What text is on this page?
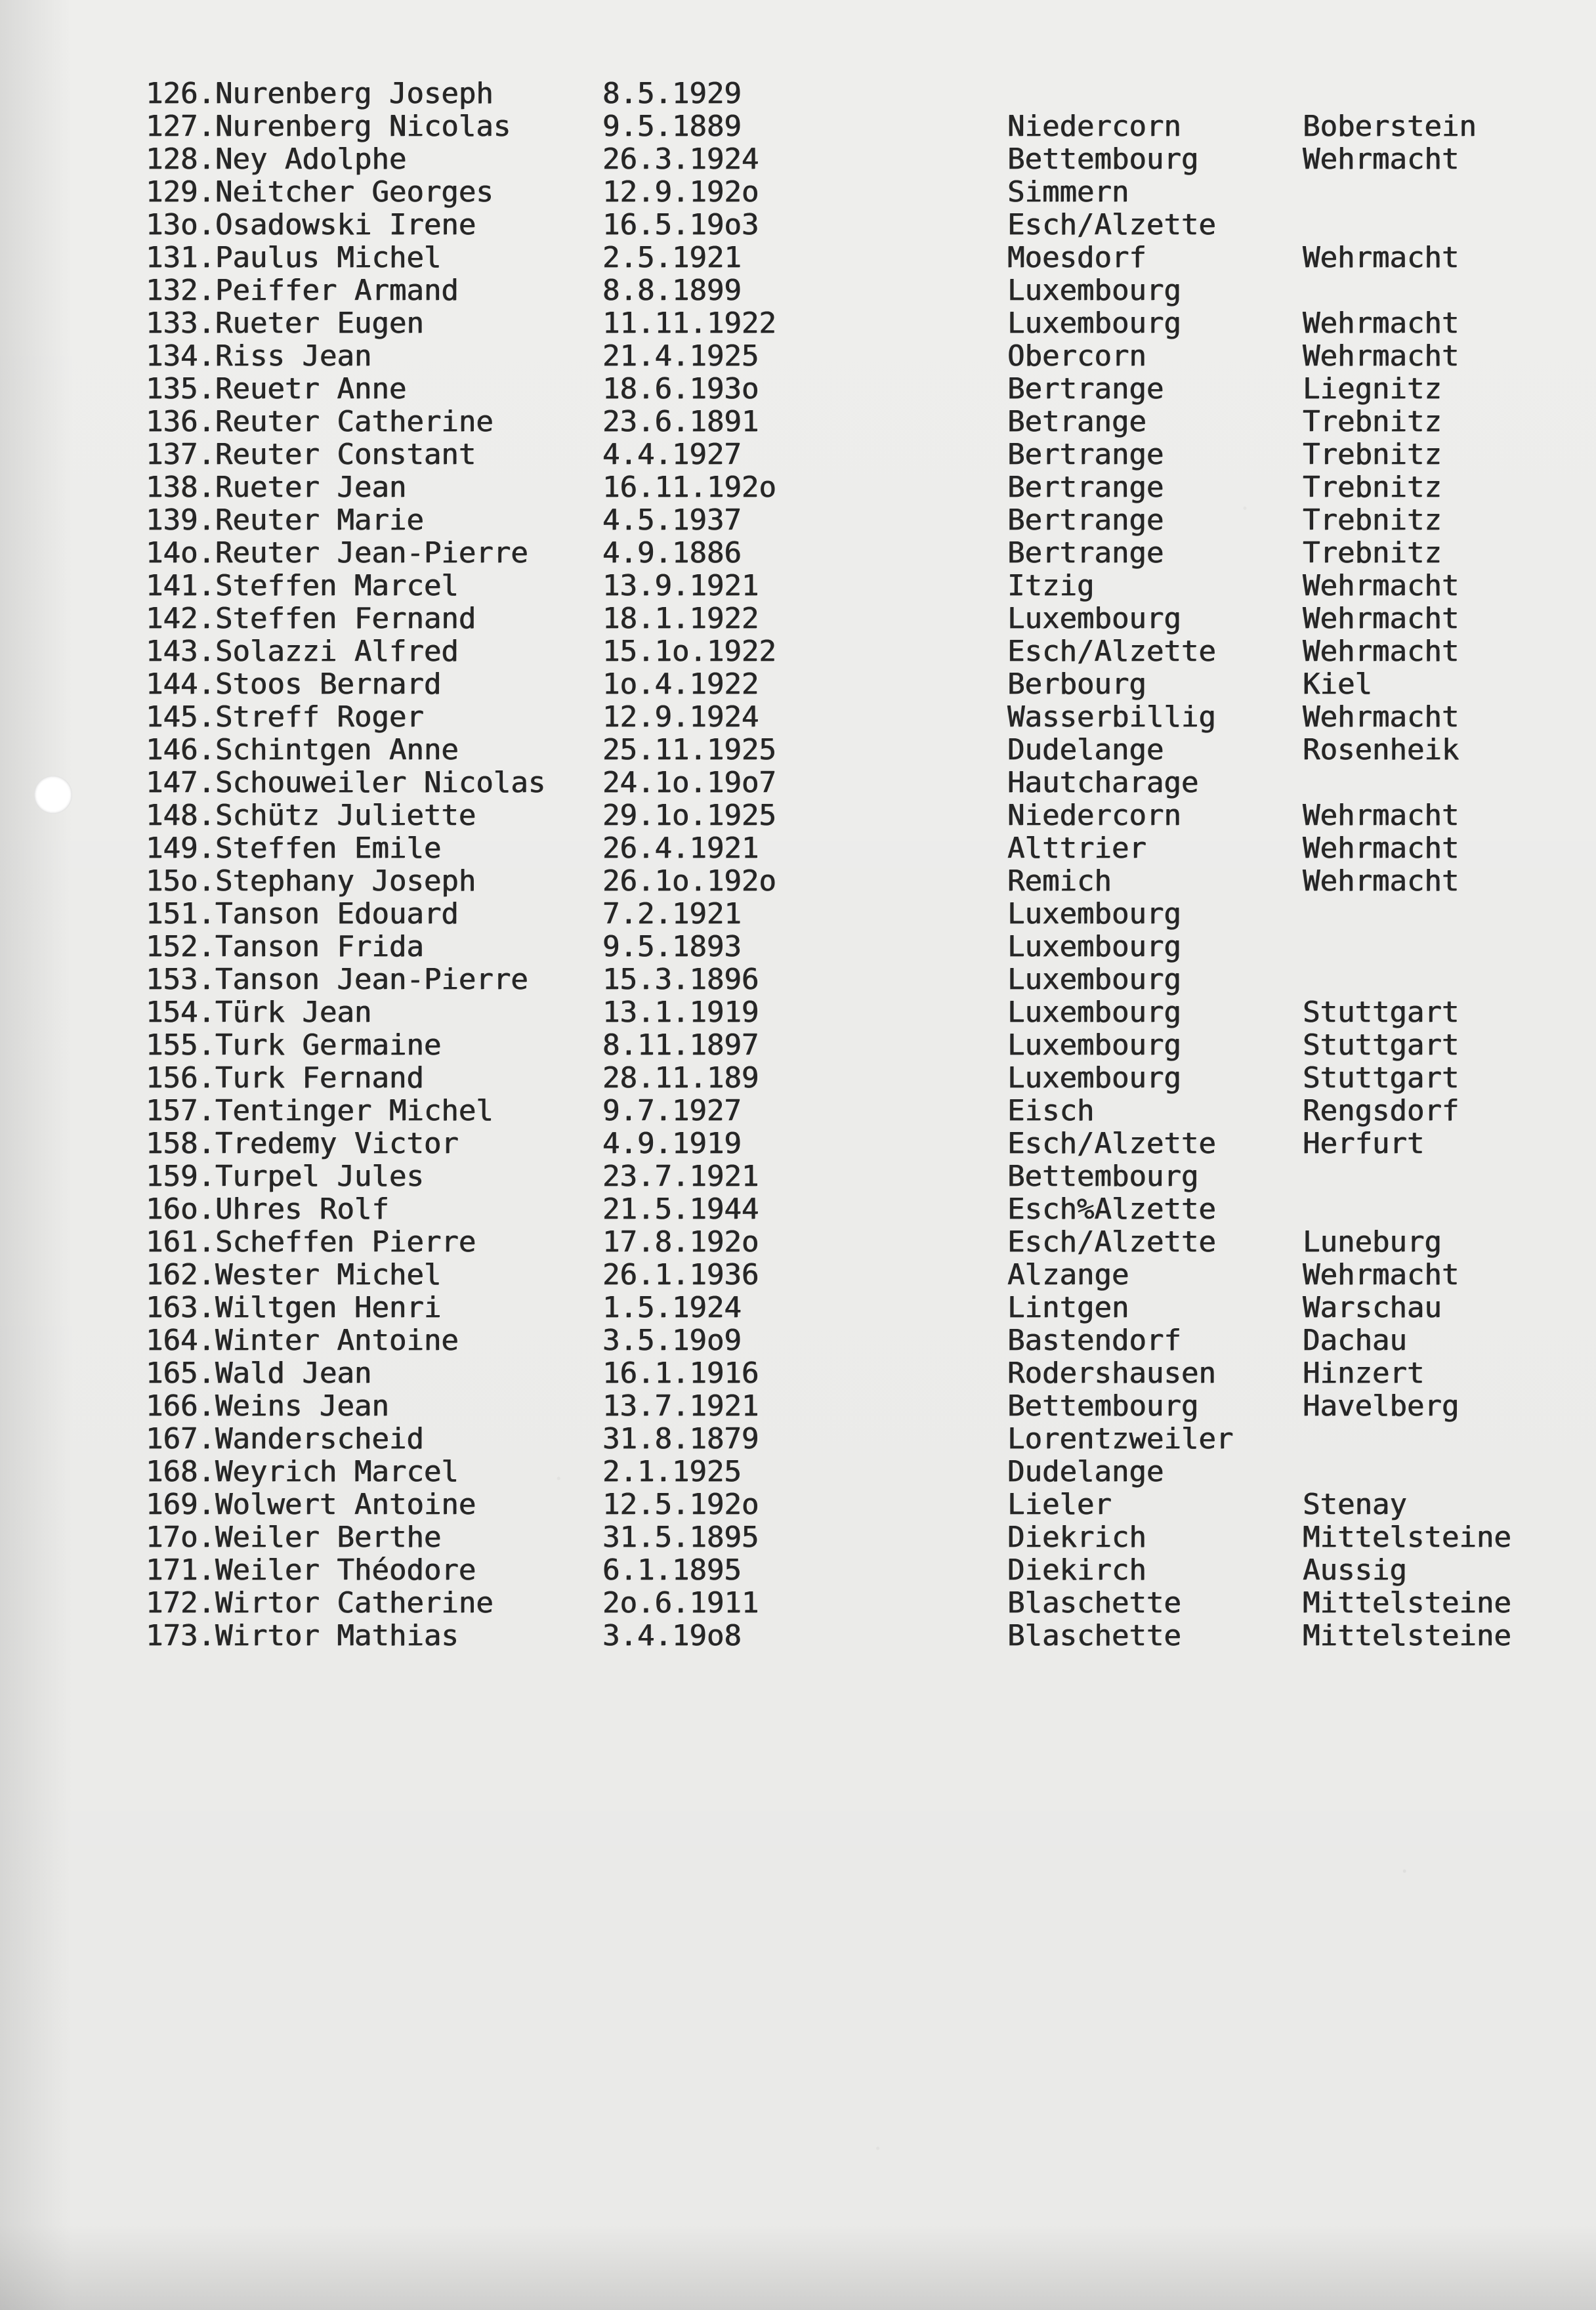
126.Nurenberg Joseph	8.5.1929
127.Nurenberg Nicolas	9.5.1889	Niedercorn	Boberstein
128.Ney Adolphe	26.3.1924	Bettembourg	Wehrmacht
129.Neitcher Georges	12.9.192o	Simmern
13o.Osadowski Irene	16.5.19o3	Esch/Alzette
131.Paulus Michel	2.5.1921	Moesdorf	Wehrmacht
132.Peiffer Armand	8.8.1899	Luxembourg
133.Rueter Eugen	11.11.1922	Luxembourg	Wehrmacht
134.Riss Jean	21.4.1925	Obercorn	Wehrmacht
135.Reuetr Anne	18.6.193o	Bertrange	Liegnitz
136.Reuter Catherine	23.6.1891	Betrange	Trebnitz
137.Reuter Constant	4.4.1927	Bertrange	Trebnitz
138.Rueter Jean	16.11.192o	Bertrange	Trebnitz
139.Reuter Marie	4.5.1937	Bertrange	Trebnitz
14o.Reuter Jean-Pierre	4.9.1886	Bertrange	Trebnitz
141.Steffen Marcel	13.9.1921	Itzig	Wehrmacht
142.Steffen Fernand	18.1.1922	Luxembourg	Wehrmacht
143.Solazzi Alfred	15.1o.1922	Esch/Alzette	Wehrmacht
144.Stoos Bernard	1o.4.1922	Berbourg	Kiel
145.Streff Roger	12.9.1924	Wasserbillig	Wehrmacht
146.Schintgen Anne	25.11.1925	Dudelange	Rosenheik
147.Schouweiler Nicolas 24.1o.19o7	Hautcharage
148.Schütz Juliette	29.1o.1925	Niedercorn	Wehrmacht
149.Steffen Emile	26.4.1921	Alttrier	Wehrmacht
15o.Stephany Joseph	26.1o.192o	Remich	Wehrmacht
151.Tanson Edouard	7.2.1921	Luxembourg
152.Tanson Frida	9.5.1893	Luxembourg
153.Tanson Jean-Pierre	15.3.1896	Luxembourg
154.Türk Jean	13.1.1919	Luxembourg	Stuttgart
155.Turk Germaine	8.11.1897	Luxembourg	Stuttgart
156.Turk Fernand	28.11.189	Luxembourg	Stuttgart
157.Tentinger Michel	9.7.1927	Eisch	Rengsdorf
158.Tredemy Victor	4.9.1919	Esch/Alzette	Herfurt
159.Turpel Jules	23.7.1921	Bettembourg
16o.Uhres Rolf	21.5.1944	Esch%Alzette
161.Scheffen Pierre	17.8.192o	Esch/Alzette	Luneburg
162.Wester Michel	26.1.1936	Alzange	Wehrmacht
163.Wiltgen Henri	1.5.1924	Lintgen	Warschau
164.Winter Antoine	3.5.19o9	Bastendorf	Dachau
165.Wald Jean	16.1.1916	Rodershausen	Hinzert
166.Weins Jean	13.7.1921	Bettembourg	Havelberg
167.Wanderscheid	31.8.1879	Lorentzweiler
168.Weyrich Marcel	2.1.1925	Dudelange
169.Wolwert Antoine	12.5.192o	Lieler	Stenay
17o.Weiler Berthe	31.5.1895	Diekrich	Mittelsteine
171.Weiler Théodore	6.1.1895	Diekirch	Aussig
172.Wirtor Catherine	2o.6.1911	Blaschette	Mittelsteine
173.Wirtor Mathias	3.4.19o8	Blaschette	Mittelsteine
